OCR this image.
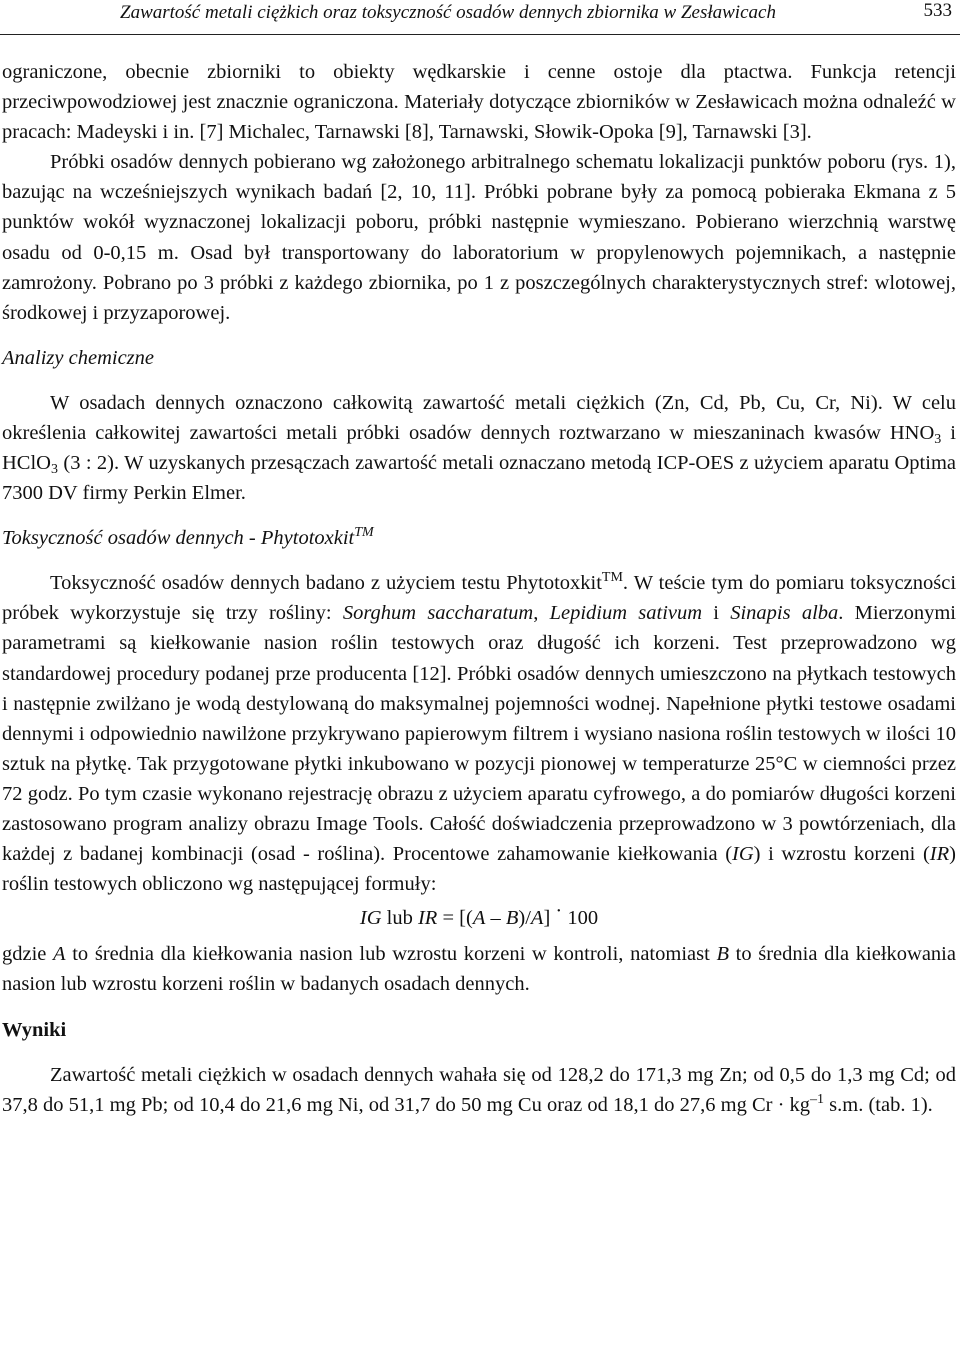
Zawartość metali ciężkich oraz toksyczność osadów dennych zbiornika w Zesławicach	533

ograniczone, obecnie zbiorniki to obiekty wędkarskie i cenne ostoje dla ptactwa. Funkcja retencji przeciwpowodziowej jest znacznie ograniczona. Materiały dotyczące zbiorników w Zesławicach można odnaleźć w pracach: Madeyski i in. [7] Michalec, Tarnawski [8], Tarnawski, Słowik-Opoka [9], Tarnawski [3].

Próbki osadów dennych pobierano wg założonego arbitralnego schematu lokalizacji punktów poboru (rys. 1), bazując na wcześniejszych wynikach badań [2, 10, 11]. Próbki pobrane były za pomocą pobieraka Ekmana z 5 punktów wokół wyznaczonej lokalizacji poboru, próbki następnie wymieszano. Pobierano wierzchnią warstwę osadu od 0-0,15 m. Osad był transportowany do laboratorium w propylenowych pojemnikach, a następnie zamrożony. Pobrano po 3 próbki z każdego zbiornika, po 1 z poszczególnych charakterystycznych stref: wlotowej, środkowej i przyzaporowej.

Analizy chemiczne

W osadach dennych oznaczono całkowitą zawartość metali ciężkich (Zn, Cd, Pb, Cu, Cr, Ni). W celu określenia całkowitej zawartości metali próbki osadów dennych roztwarzano w mieszaninach kwasów $HNO_3$ i HClO$_3$ (3 : 2). W uzyskanych przesączach zawartość metali oznaczano metodą ICP-OES z użyciem aparatu Optima 7300 DV firmy Perkin Elmer.

Toksyczność osadów dennych - Phytotoxkit™

Toksyczność osadów dennych badano z użyciem testu Phytotoxkit™. W teście tym do pomiaru toksyczności próbek wykorzystuje się trzy rośliny: Sorghum saccharatum, Lepidium sativum i Sinapis alba. Mierzonymi parametrami są kiełkowanie nasion roślin testowych oraz długość ich korzeni. Test przeprowadzono wg standardowej procedury podanej prze producenta [12]. Próbki osadów dennych umieszczono na płytkach testowych i następnie zwilżano je wodą destylowaną do maksymalnej pojemności wodnej. Napełnione płytki testowe osadami dennymi i odpowiednio nawilżone przykrywano papierowym filtrem i wysiano nasiona roślin testowych w ilości 10 sztuk na płytkę. Tak przygotowane płytki inkubowano w pozycji pionowej w temperaturze 25°C w ciemności przez 72 godz. Po tym czasie wykonano rejestrację obrazu z użyciem aparatu cyfrowego, a do pomiarów długości korzeni zastosowano program analizy obrazu Image Tools. Całość doświadczenia przeprowadzono w 3 powtórzeniach, dla każdej z badanej kombinacji (osad - roślina). Procentowe zahamowanie kiełkowania (IG) i wzrostu korzeni (IR) roślin testowych obliczono wg następującej formuły:

IG lub IR = [(A – B)/A] · 100

gdzie A to średnia dla kiełkowania nasion lub wzrostu korzeni w kontroli, natomiast B to średnia dla kiełkowania nasion lub wzrostu korzeni roślin w badanych osadach dennych.

Wyniki

Zawartość metali ciężkich w osadach dennych wahała się od 128,2 do 171,3 mg Zn; od 0,5 do 1,3 mg Cd; od 37,8 do 51,1 mg Pb; od 10,4 do 21,6 mg Ni, od 31,7 do 50 mg Cu oraz od 18,1 do 27,6 mg $Cr \cdot kg^{-1}$ s.m. (tab. 1).
